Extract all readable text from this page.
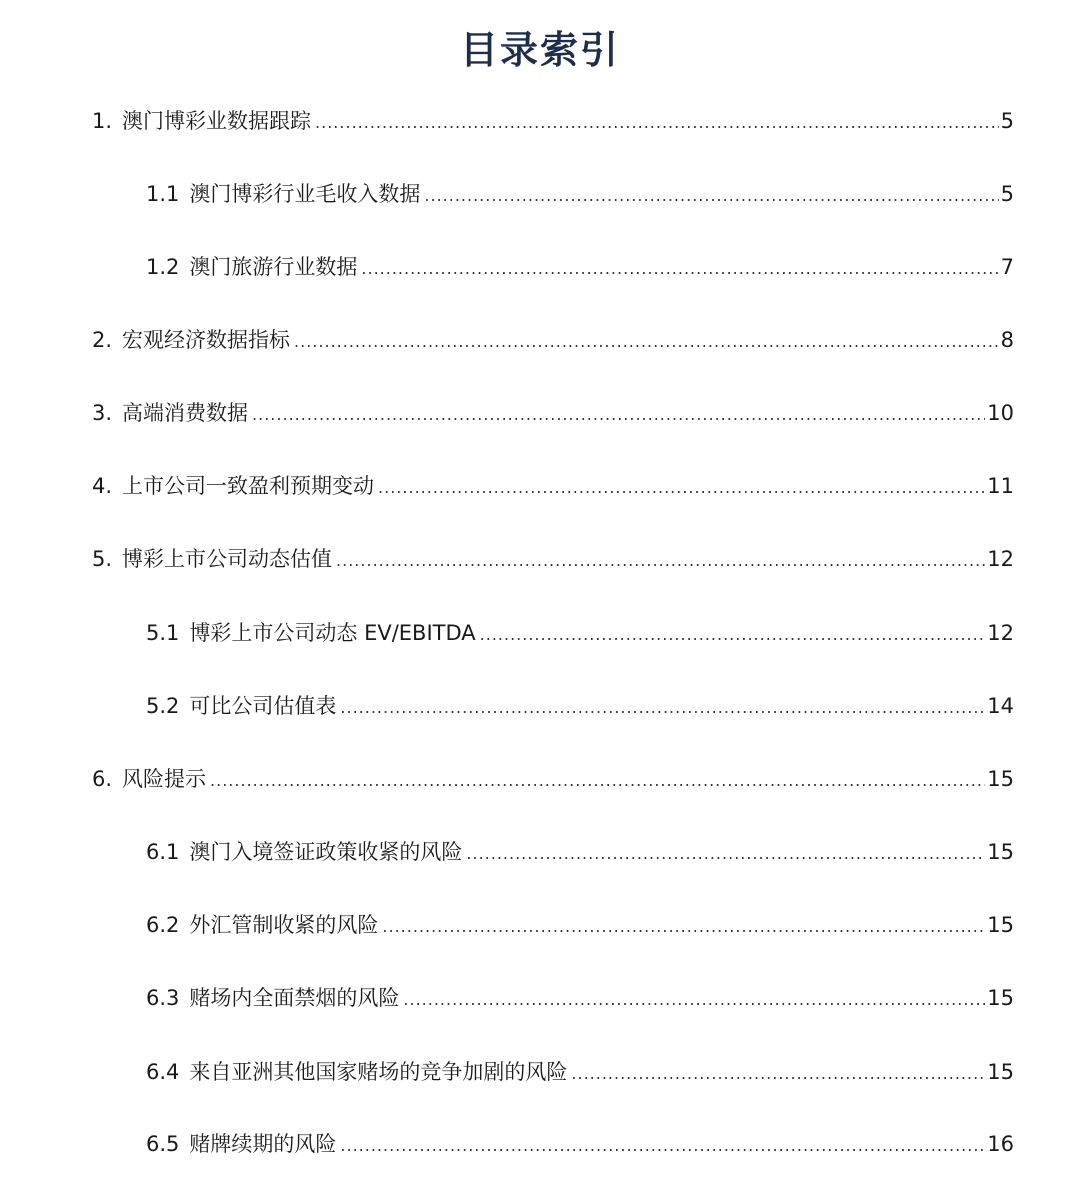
目录索引
1. 澳门博彩业数据跟踪 .....	5
1.1 澳门博彩行业毛收入数据 .....	5
1.2 澳门旅游行业数据 .....	7
2. 宏观经济数据指标 .....	8
3. 高端消费数据 .....	10
4. 上市公司一致盈利预期变动 .....	11
5. 博彩上市公司动态估值 .....	12
5.1 博彩上市公司动态 EV/EBITDA .....	12
5.2 可比公司估值表 .....	14
6. 风险提示 .....	15
6.1 澳门入境签证政策收紧的风险 .....	15
6.2 外汇管制收紧的风险 .....	15
6.3 赌场内全面禁烟的风险 .....	15
6.4 来自亚洲其他国家赌场的竞争加剧的风险 .....	15
6.5 赌牌续期的风险 .....	16
